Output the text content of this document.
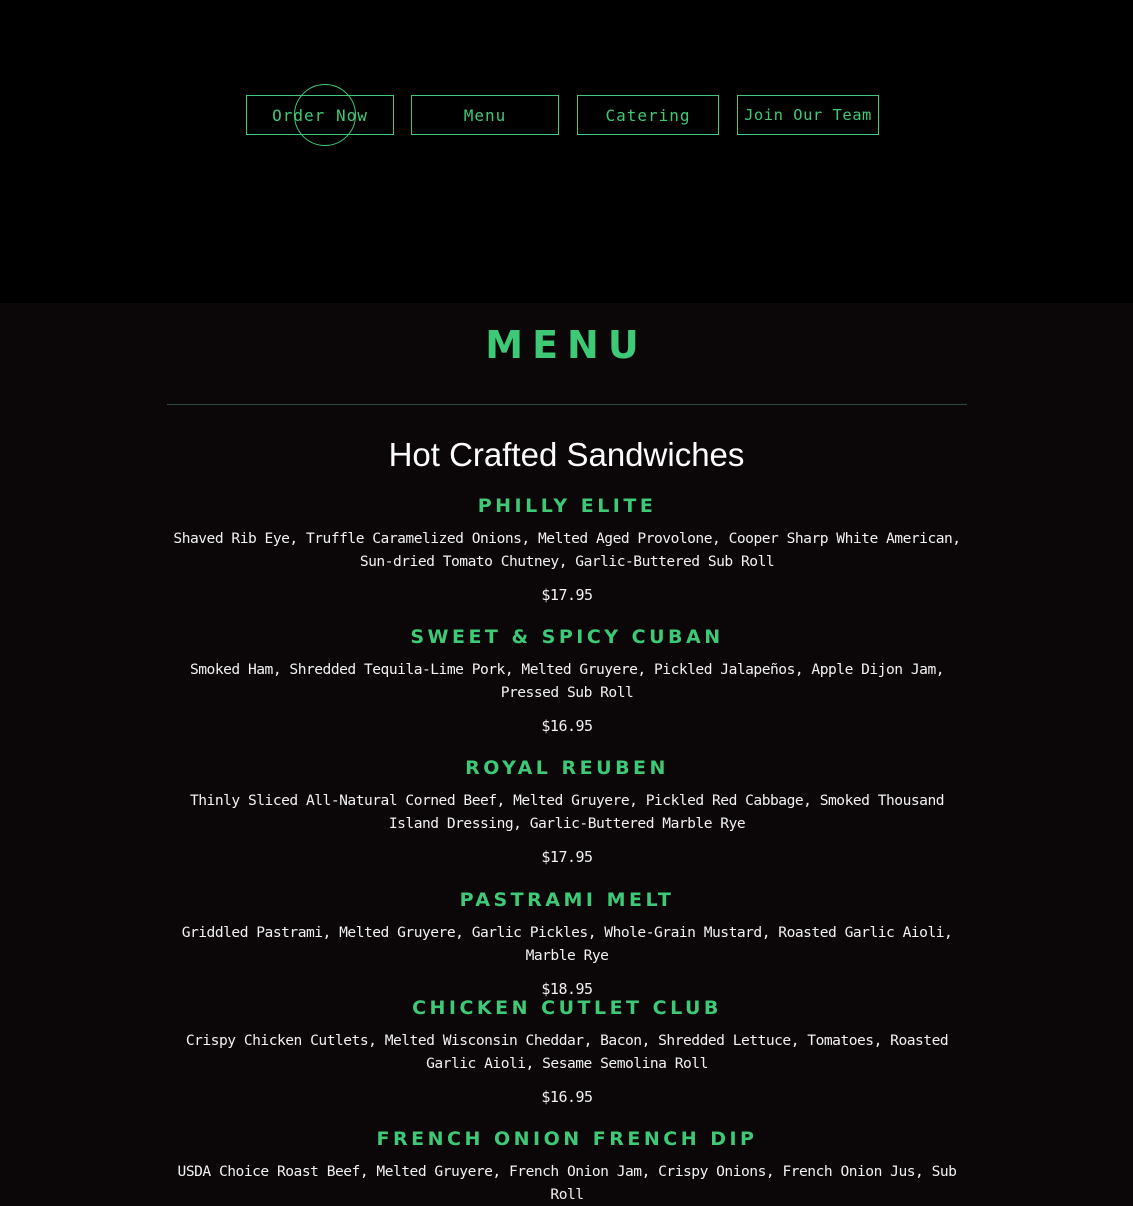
Order Now	Menu	Catering	Join Our Team
MENU
Hot Crafted Sandwiches
PHILLY ELITE

Shaved Rib Eye, Truffle Caramelized Onions, Melted Aged Provolone, Cooper Sharp White American, Sun-dried Tomato Chutney, Garlic-Buttered Sub Roll

$17.95

SWEET & SPICY CUBAN

Smoked Ham, Shredded Tequila-Lime Pork, Melted Gruyere, Pickled Jalapeños, Apple Dijon Jam, Pressed Sub Roll

$16.95

ROYAL REUBEN

Thinly Sliced All-Natural Corned Beef, Melted Gruyere, Pickled Red Cabbage, Smoked Thousand Island Dressing, Garlic-Buttered Marble Rye

$17.95

PASTRAMI MELT

Griddled Pastrami, Melted Gruyere, Garlic Pickles, Whole-Grain Mustard, Roasted Garlic Aioli, Marble Rye

$18.95

CHICKEN CUTLET CLUB

Crispy Chicken Cutlets, Melted Wisconsin Cheddar, Bacon, Shredded Lettuce, Tomatoes, Roasted Garlic Aioli, Sesame Semolina Roll

$16.95

FRENCH ONION FRENCH DIP

USDA Choice Roast Beef, Melted Gruyere, French Onion Jam, Crispy Onions, French Onion Jus, Sub Roll
